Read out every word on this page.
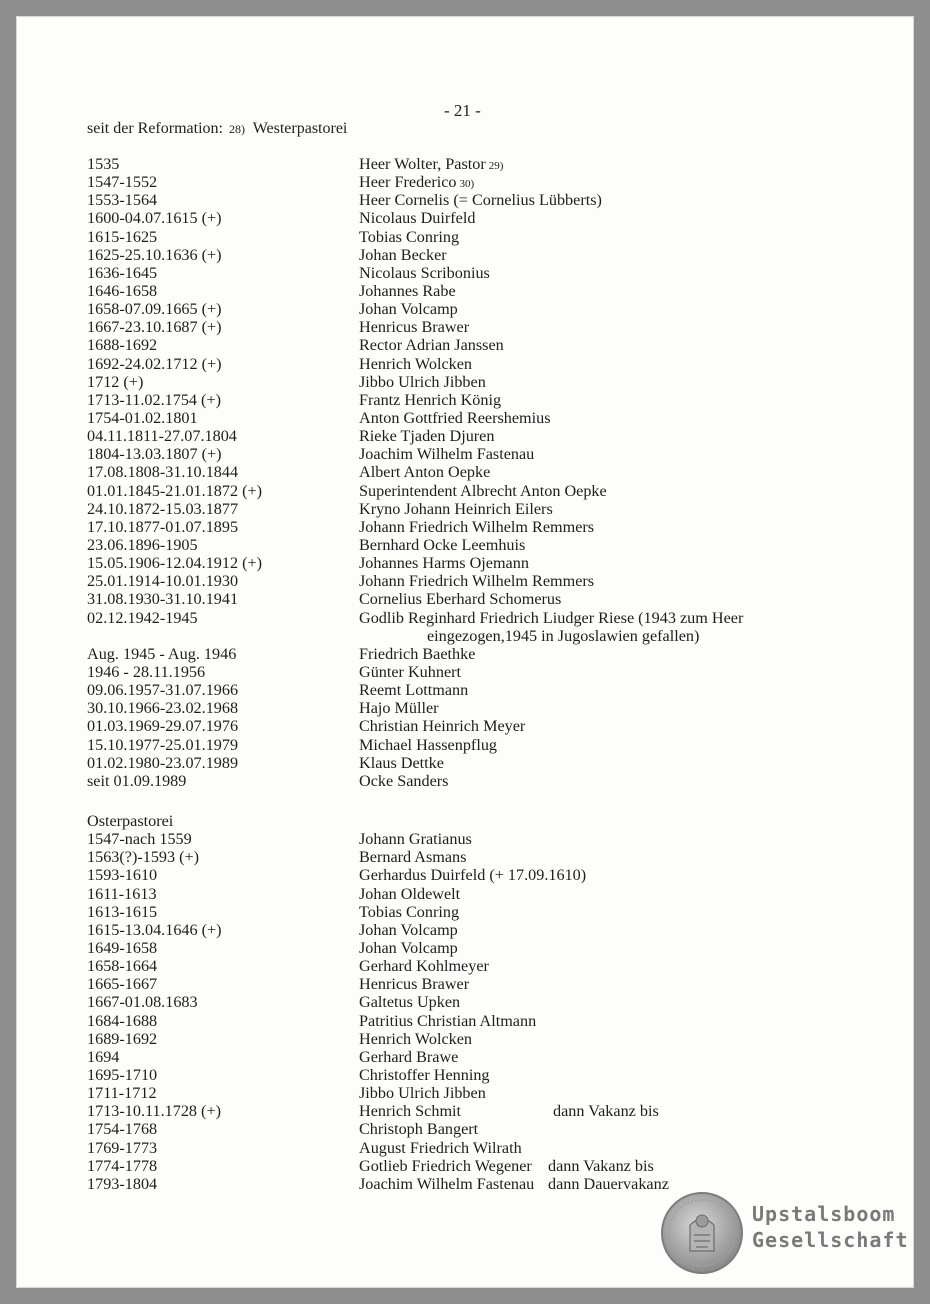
- 21 -
seit der Reformation: 28) Westerpastorei
1535	Heer Wolter, Pastor 29)
1547-1552	Heer Frederico 30)
1553-1564	Heer Cornelis (= Cornelius Lübberts)
1600-04.07.1615 (+)	Nicolaus Duirfeld
1615-1625	Tobias Conring
1625-25.10.1636 (+)	Johan Becker
1636-1645	Nicolaus Scribonius
1646-1658	Johannes Rabe
1658-07.09.1665 (+)	Johan Volcamp
1667-23.10.1687 (+)	Henricus Brawer
1688-1692	Rector Adrian Janssen
1692-24.02.1712 (+)	Henrich Wolcken
1712 (+)	Jibbo Ulrich Jibben
1713-11.02.1754 (+)	Frantz Henrich König
1754-01.02.1801	Anton Gottfried Reershemius
04.11.1811-27.07.1804	Rieke Tjaden Djuren
1804-13.03.1807 (+)	Joachim Wilhelm Fastenau
17.08.1808-31.10.1844	Albert Anton Oepke
01.01.1845-21.01.1872 (+)	Superintendent Albrecht Anton Oepke
24.10.1872-15.03.1877	Kryno Johann Heinrich Eilers
17.10.1877-01.07.1895	Johann Friedrich Wilhelm Remmers
23.06.1896-1905	Bernhard Ocke Leemhuis
15.05.1906-12.04.1912 (+)	Johannes Harms Ojemann
25.01.1914-10.01.1930	Johann Friedrich Wilhelm Remmers
31.08.1930-31.10.1941	Cornelius Eberhard Schomerus
02.12.1942-1945	Godlib Reginhard Friedrich Liudger Riese (1943 zum Heer
eingezogen,1945 in Jugoslawien gefallen)
Aug. 1945 - Aug. 1946	Friedrich Baethke
1946 - 28.11.1956	Günter Kuhnert
09.06.1957-31.07.1966	Reemt Lottmann
30.10.1966-23.02.1968	Hajo Müller
01.03.1969-29.07.1976	Christian Heinrich Meyer
15.10.1977-25.01.1979	Michael Hassenpflug
01.02.1980-23.07.1989	Klaus Dettke
seit 01.09.1989	Ocke Sanders
Osterpastorei
1547-nach 1559	Johann Gratianus
1563(?)-1593 (+)	Bernard Asmans
1593-1610	Gerhardus Duirfeld (+ 17.09.1610)
1611-1613	Johan Oldewelt
1613-1615	Tobias Conring
1615-13.04.1646 (+)	Johan Volcamp
1649-1658	Johan Volcamp
1658-1664	Gerhard Kohlmeyer
1665-1667	Henricus Brawer
1667-01.08.1683	Galtetus Upken
1684-1688	Patritius Christian Altmann
1689-1692	Henrich Wolcken
1694	Gerhard Brawe
1695-1710	Christoffer Henning
1711-1712	Jibbo Ulrich Jibben
1713-10.11.1728 (+)	Henrich Schmit	dann Vakanz bis
1754-1768	Christoph Bangert
1769-1773	August Friedrich Wilrath
1774-1778	Gotlieb Friedrich Wegener dann Vakanz bis
1793-1804	Joachim Wilhelm Fastenau dann Dauervakanz
Upstalsboom
Gesellschaft
